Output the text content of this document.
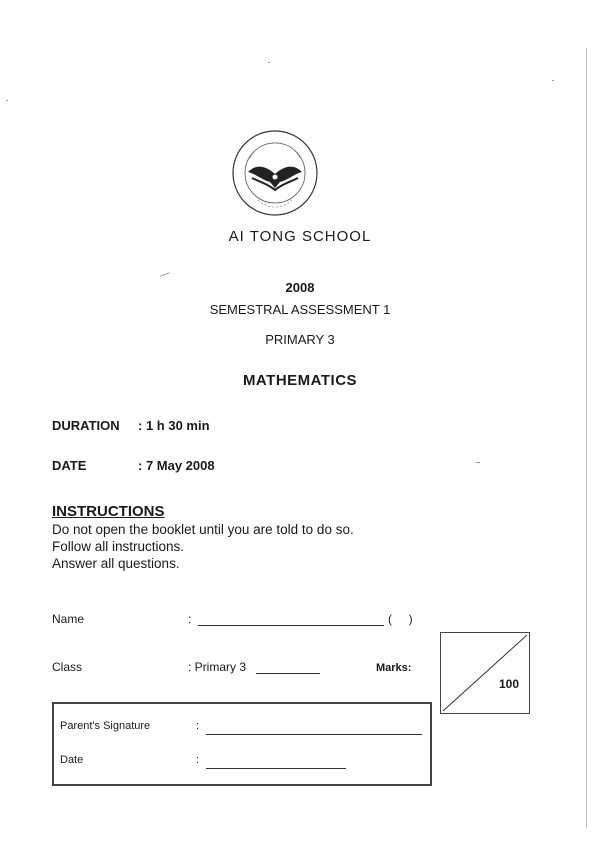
AI TONG SCHOOL
2008
SEMESTRAL ASSESSMENT 1
PRIMARY 3
MATHEMATICS
DURATION : 1 h 30 min
DATE	: 7 May 2008
INSTRUCTIONS
Do not open the booklet until you are told to do so.
Follow all instructions.
Answer all questions.
Name	:	(     )
Class	: Primary 3	Marks:
100
Parent's Signature	:
Date	:
